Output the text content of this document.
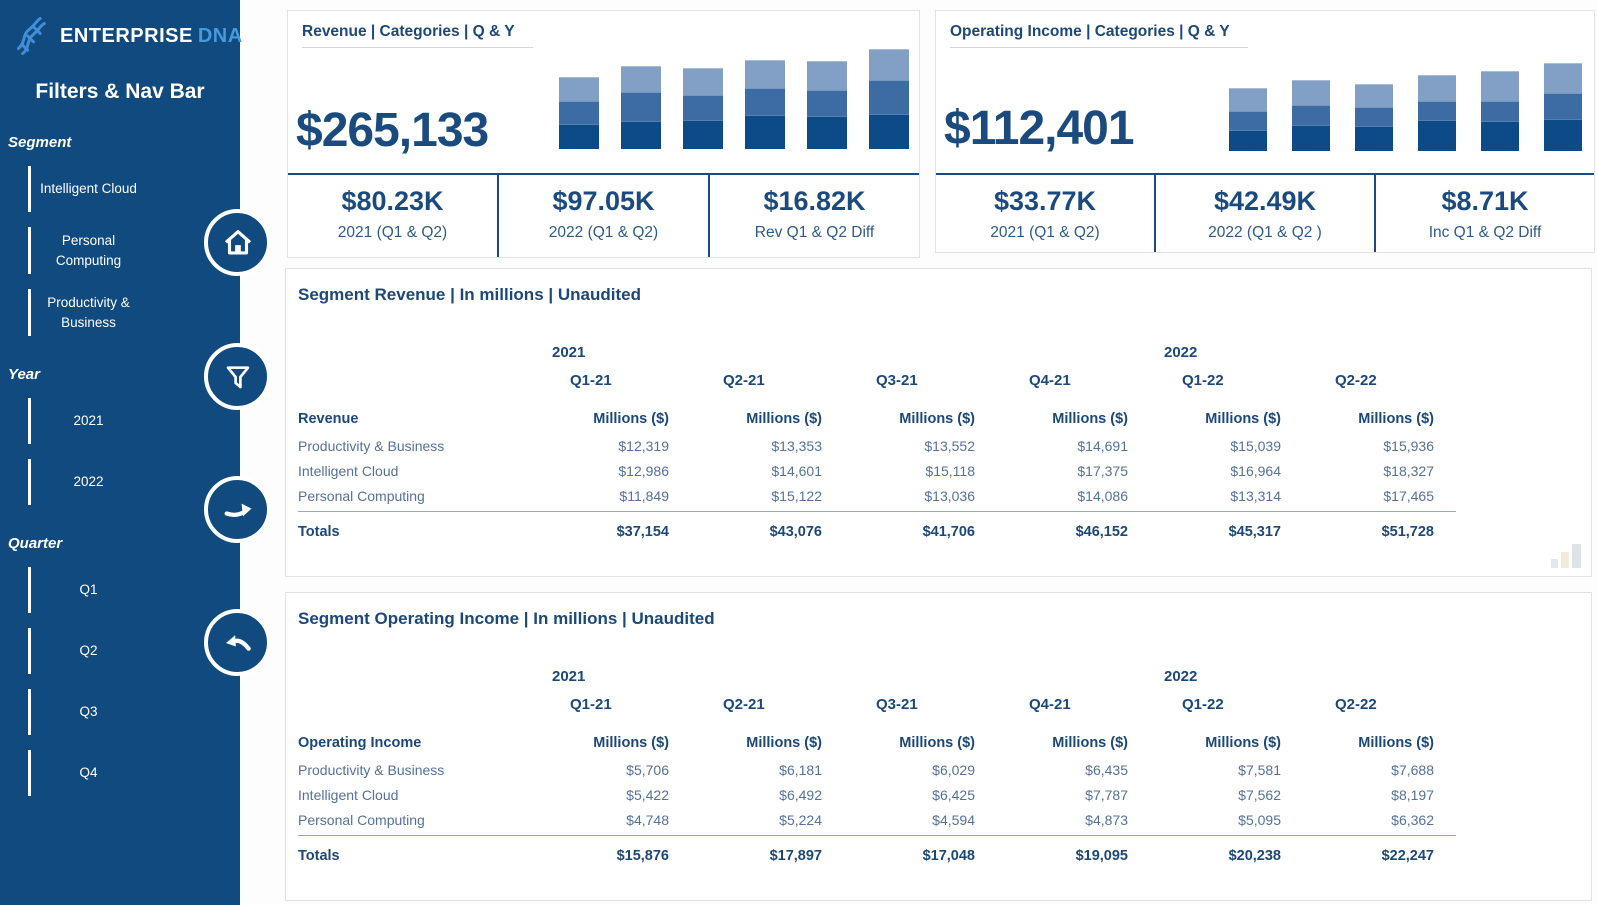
ENTERPRISE DNA
Filters & Nav Bar
Segment
Intelligent Cloud
Personal Computing
Productivity & Business
Year
2021
2022
Quarter
Q1
Q2
Q3
Q4
Revenue | Categories | Q & Y
$265,133
$80.23K
2021 (Q1 & Q2)
$97.05K
2022 (Q1 & Q2)
$16.82K
Rev Q1 & Q2 Diff
Operating Income | Categories | Q & Y
$112,401
$33.77K
2021 (Q1 & Q2)
$42.49K
2022 (Q1 & Q2 )
$8.71K
Inc Q1 & Q2 Diff
Segment Revenue | In millions | Unaudited
2021	2022
Q1-21	Q2-21	Q3-21	Q4-21	Q1-22	Q2-22
Revenue	Millions ($)	Millions ($)	Millions ($)	Millions ($)	Millions ($)	Millions ($)
Productivity & Business	$12,319	$13,353	$13,552	$14,691	$15,039	$15,936
Intelligent Cloud	$12,986	$14,601	$15,118	$17,375	$16,964	$18,327
Personal Computing	$11,849	$15,122	$13,036	$14,086	$13,314	$17,465
Totals	$37,154	$43,076	$41,706	$46,152	$45,317	$51,728
Segment Operating Income | In millions | Unaudited
2021	2022
Q1-21	Q2-21	Q3-21	Q4-21	Q1-22	Q2-22
Operating Income	Millions ($)	Millions ($)	Millions ($)	Millions ($)	Millions ($)	Millions ($)
Productivity & Business	$5,706	$6,181	$6,029	$6,435	$7,581	$7,688
Intelligent Cloud	$5,422	$6,492	$6,425	$7,787	$7,562	$8,197
Personal Computing	$4,748	$5,224	$4,594	$4,873	$5,095	$6,362
Totals	$15,876	$17,897	$17,048	$19,095	$20,238	$22,247
